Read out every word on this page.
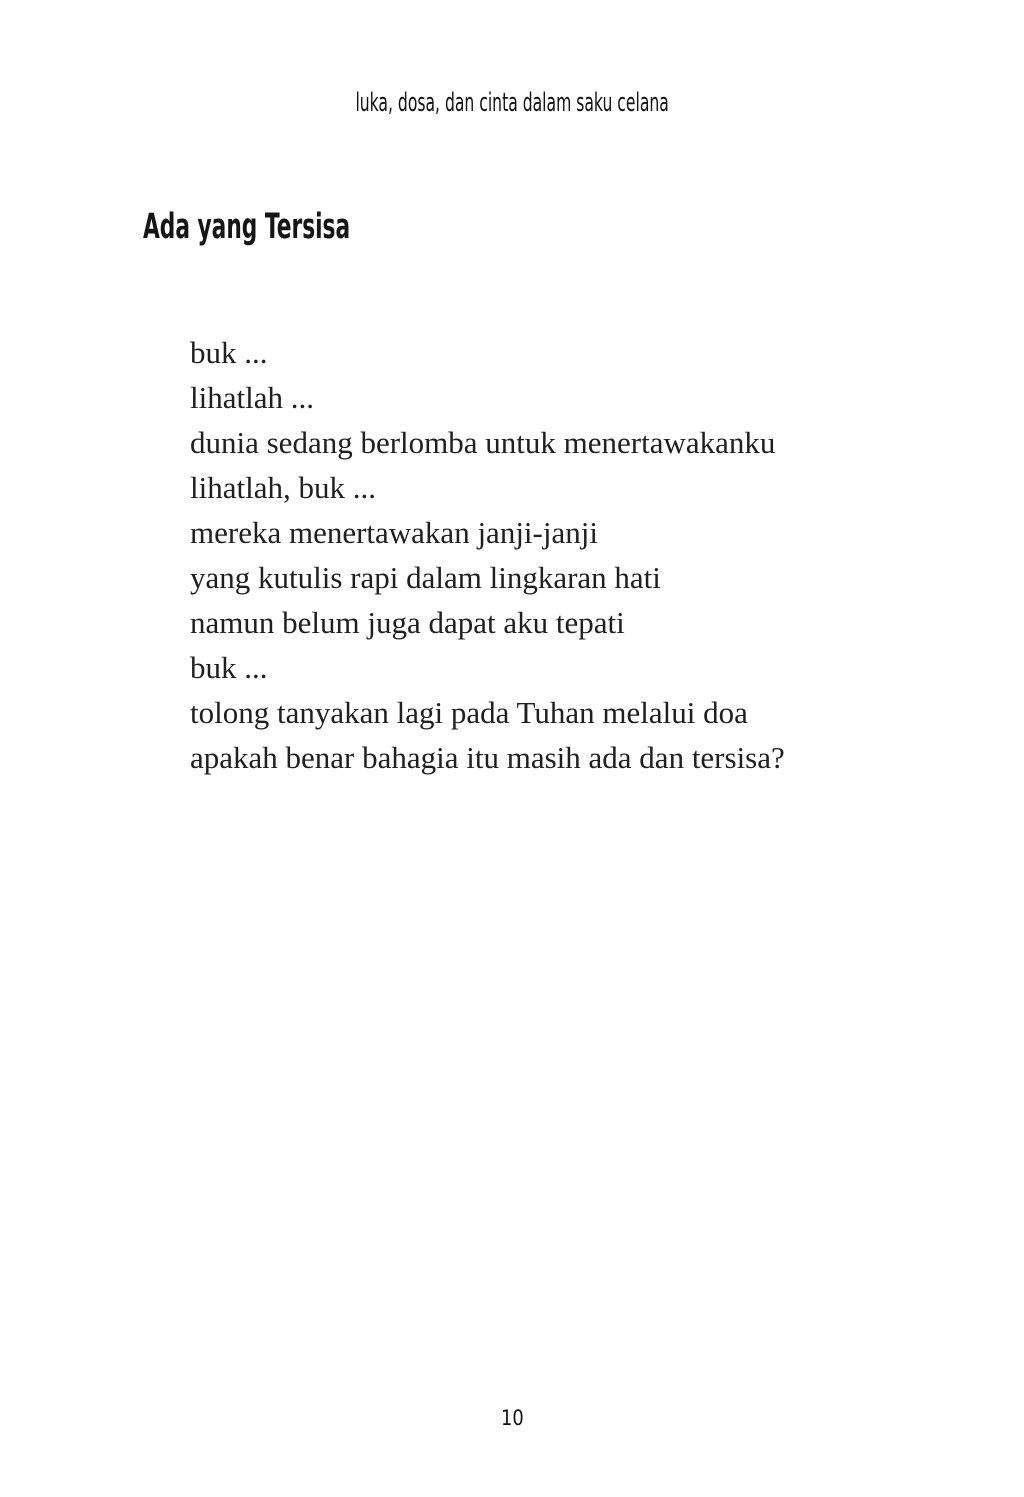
luka, dosa, dan cinta dalam saku celana
Ada yang Tersisa
buk ...
lihatlah ...
dunia sedang berlomba untuk menertawakanku
lihatlah, buk ...
mereka menertawakan janji-janji
yang kutulis rapi dalam lingkaran hati
namun belum juga dapat aku tepati
buk ...
tolong tanyakan lagi pada Tuhan melalui doa
apakah benar bahagia itu masih ada dan tersisa?
10
